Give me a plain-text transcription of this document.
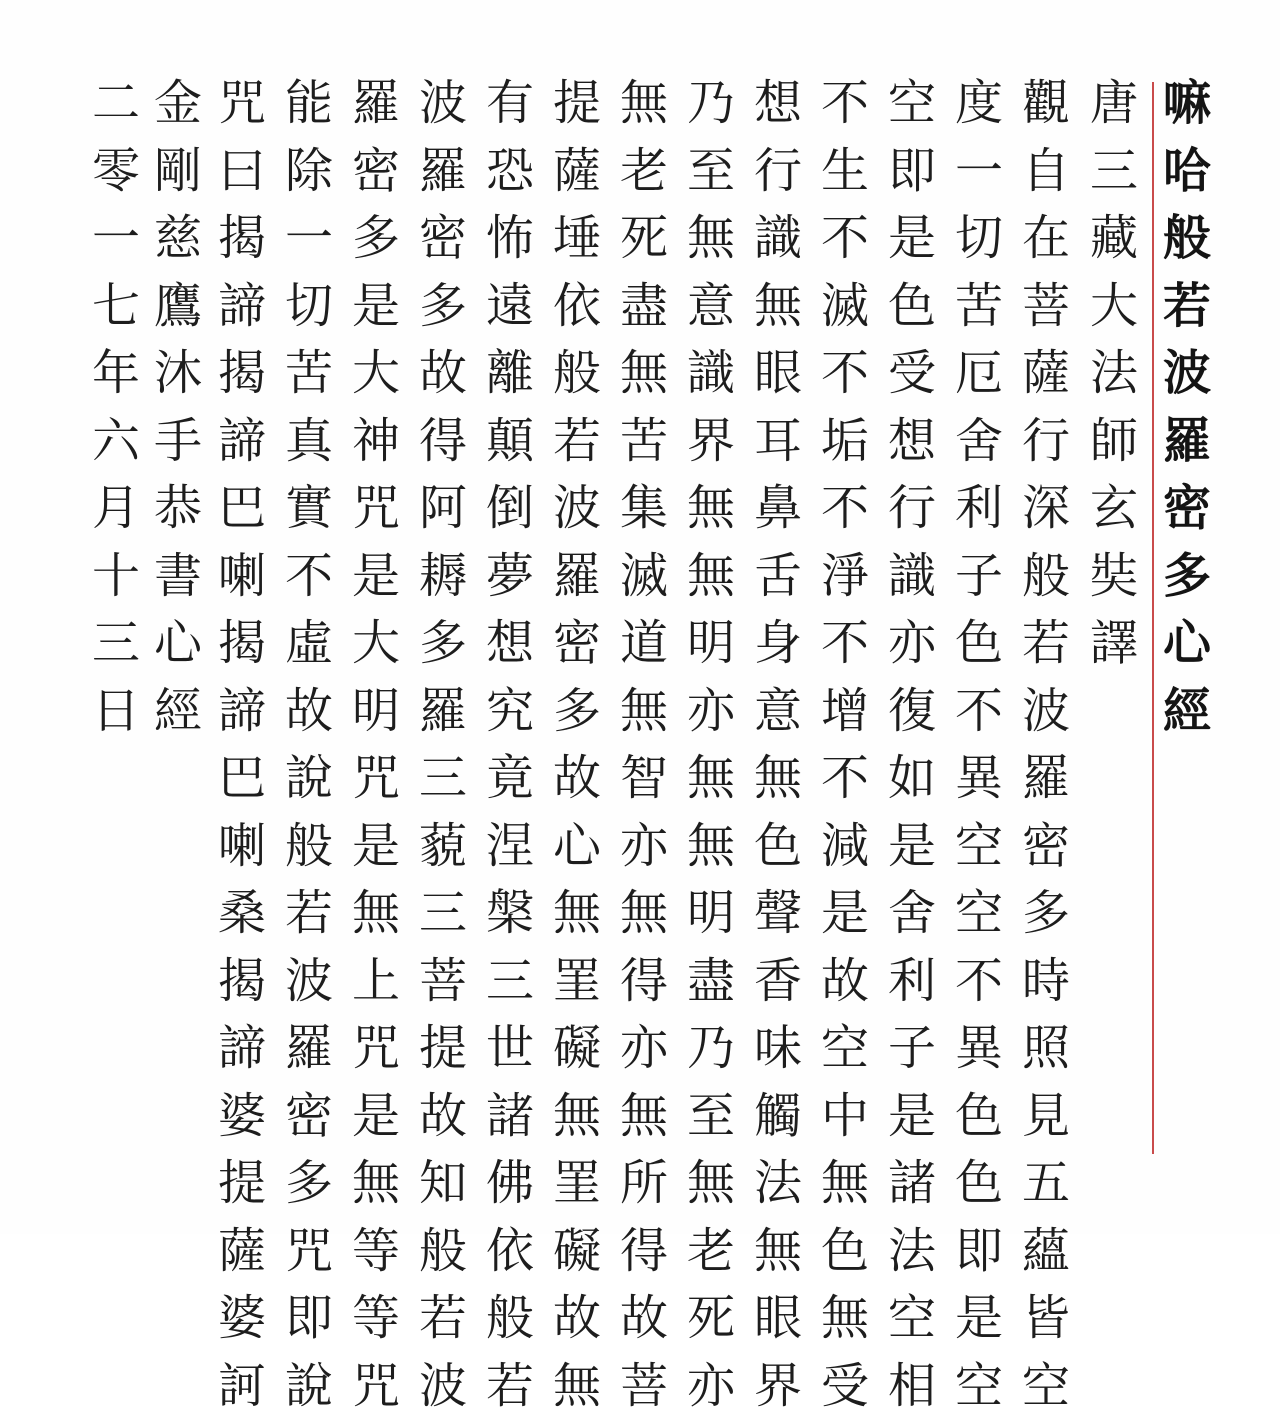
嘛
哈
般
若
波
羅
密
多
心
經
唐
三
藏
大
法
師
玄
奘
譯
觀
自
在
菩
薩
行
深
般
若
波
羅
密
多
時
照
見
五
蘊
皆
空
度
一
切
苦
厄
舍
利
子
色
不
異
空
空
不
異
色
色
即
是
空
空
即
是
色
受
想
行
識
亦
復
如
是
舍
利
子
是
諸
法
空
相
不
生
不
滅
不
垢
不
淨
不
增
不
減
是
故
空
中
無
色
無
受
想
行
識
無
眼
耳
鼻
舌
身
意
無
色
聲
香
味
觸
法
無
眼
界
乃
至
無
意
識
界
無
無
明
亦
無
無
明
盡
乃
至
無
老
死
亦
無
老
死
盡
無
苦
集
滅
道
無
智
亦
無
得
亦
無
所
得
故
菩
提
薩
埵
依
般
若
波
羅
密
多
故
心
無
罣
礙
無
罣
礙
故
無
有
恐
怖
遠
離
顛
倒
夢
想
究
竟
涅
槃
三
世
諸
佛
依
般
若
波
羅
密
多
故
得
阿
耨
多
羅
三
藐
三
菩
提
故
知
般
若
波
羅
密
多
是
大
神
咒
是
大
明
咒
是
無
上
咒
是
無
等
等
咒
能
除
一
切
苦
真
實
不
虛
故
說
般
若
波
羅
密
多
咒
即
說
咒
曰
揭
諦
揭
諦
巴
喇
揭
諦
巴
喇
桑
揭
諦
婆
提
薩
婆
訶
金
剛
慈
鷹
沐
手
恭
書
心
經
二
零
一
七
年
六
月
十
三
日
